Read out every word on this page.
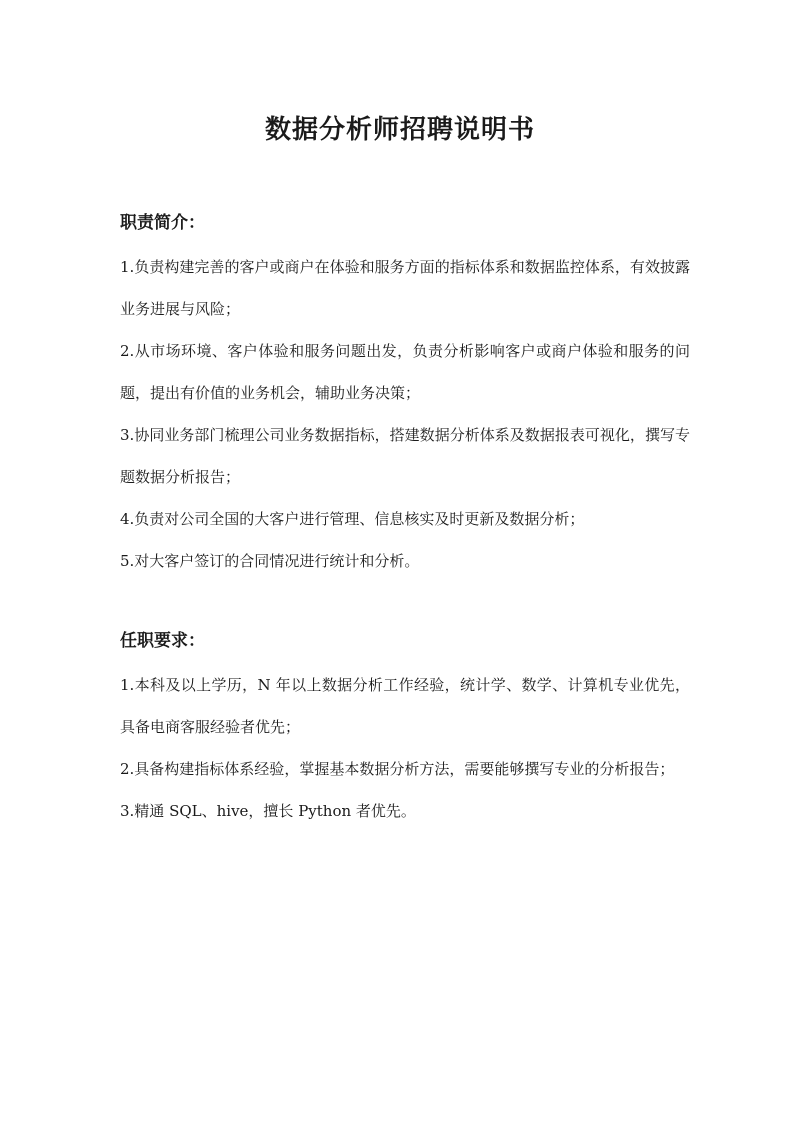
数据分析师招聘说明书
职责简介：
1.负责构建完善的客户或商户在体验和服务方面的指标体系和数据监控体系，有效披露业务进展与风险；
2.从市场环境、客户体验和服务问题出发，负责分析影响客户或商户体验和服务的问题，提出有价值的业务机会，辅助业务决策；
3.协同业务部门梳理公司业务数据指标，搭建数据分析体系及数据报表可视化，撰写专题数据分析报告；
4.负责对公司全国的大客户进行管理、信息核实及时更新及数据分析；
5.对大客户签订的合同情况进行统计和分析。
任职要求：
1.本科及以上学历，N 年以上数据分析工作经验，统计学、数学、计算机专业优先，具备电商客服经验者优先；
2.具备构建指标体系经验，掌握基本数据分析方法，需要能够撰写专业的分析报告；
3.精通 SQL、hive，擅长 Python 者优先。
